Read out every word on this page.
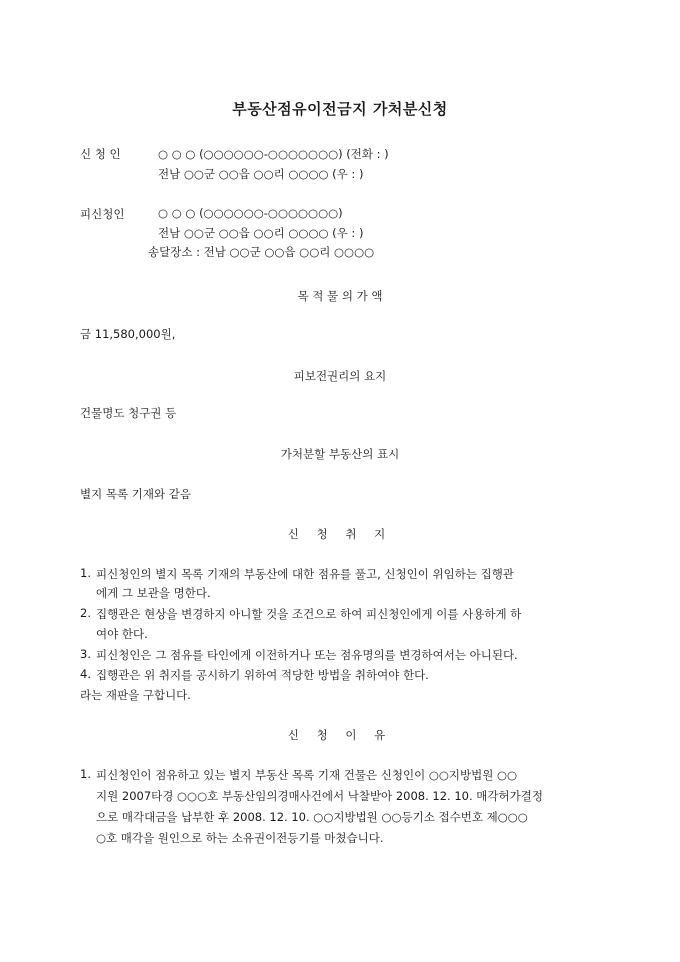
부동산점유이전금지 가처분신청
신 청 인	○ ○ ○ (○○○○○○-○○○○○○○) (전화 : )
전남 ○○군 ○○읍 ○○리 ○○○○ (우 : )
피신청인	○ ○ ○ (○○○○○○-○○○○○○○)
전남 ○○군 ○○읍 ○○리 ○○○○ (우 : )
송달장소 : 전남 ○○군 ○○읍 ○○리 ○○○○
목 적 물 의 가 액
금 11,580,000원,
피보전권리의 요지
건물명도 청구권 등
가처분할 부동산의 표시
별지 목록 기재와 같음
신 청 취 지
1. 피신청인의 별지 목록 기재의 부동산에 대한 점유를 풀고, 신청인이 위임하는 집행관
에게 그 보관을 명한다.
2. 집행관은 현상을 변경하지 아니할 것을 조건으로 하여 피신청인에게 이를 사용하게 하
여야 한다.
3. 피신청인은 그 점유를 타인에게 이전하거나 또는 점유명의를 변경하여서는 아니된다.
4. 집행관은 위 취지를 공시하기 위하여 적당한 방법을 취하여야 한다.
라는 재판을 구합니다.
신 청 이 유
1. 피신청인이 점유하고 있는 별지 부동산 목록 기재 건물은 신청인이 ○○지방법원 ○○
지원 2007타경 ○○○호 부동산임의경매사건에서 낙찰받아 2008. 12. 10. 매각허가결정
으로 매각대금을 납부한 후 2008. 12. 10. ○○지방법원 ○○등기소 접수번호 제○○○
○호 매각을 원인으로 하는 소유권이전등기를 마쳤습니다.
